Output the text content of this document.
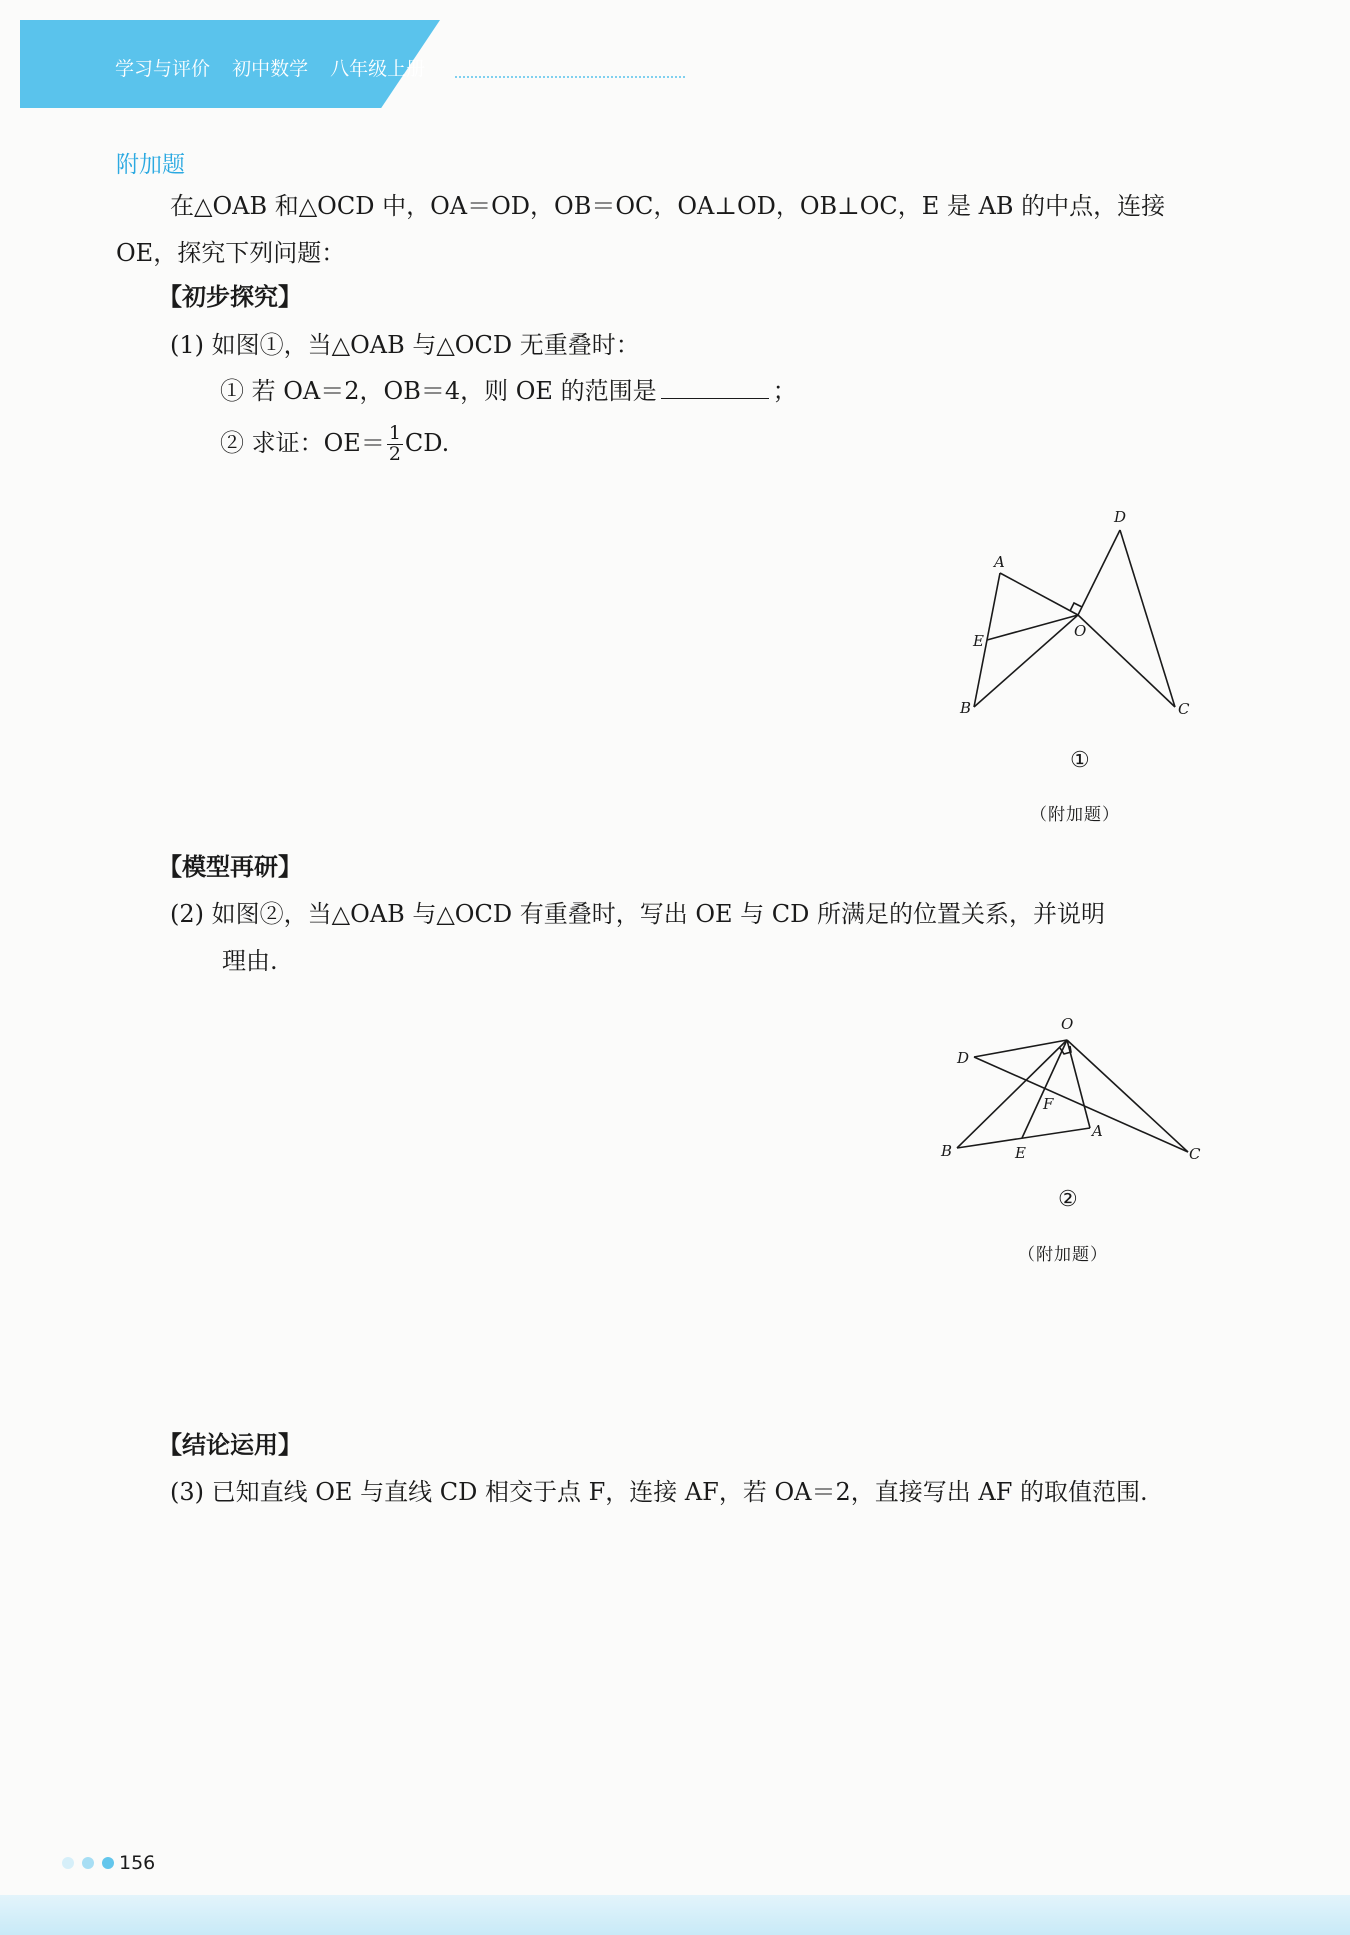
学习与评价 初中数学 八年级上册
附加题
在△OAB 和△OCD 中，OA＝OD，OB＝OC，OA⊥OD，OB⊥OC，E 是 AB 的中点，连接
OE，探究下列问题：
【初步探究】
(1) 如图①，当△OAB 与△OCD 无重叠时：
① 若 OA＝2，OB＝4，则 OE 的范围是	；
② 求证：$OE= \frac{1}{2}$ CD.
A
B	C
D
E
O
①
（附加题）
【模型再研】
(2) 如图②，当△OAB 与△OCD 有重叠时，写出 OE 与 CD 所满足的位置关系，并说明
理由.
O
D
F
A
B	E	C
②
（附加题）
【结论运用】
(3) 已知直线 OE 与直线 CD 相交于点 F，连接 AF，若 OA＝2，直接写出 AF 的取值范围.
156
